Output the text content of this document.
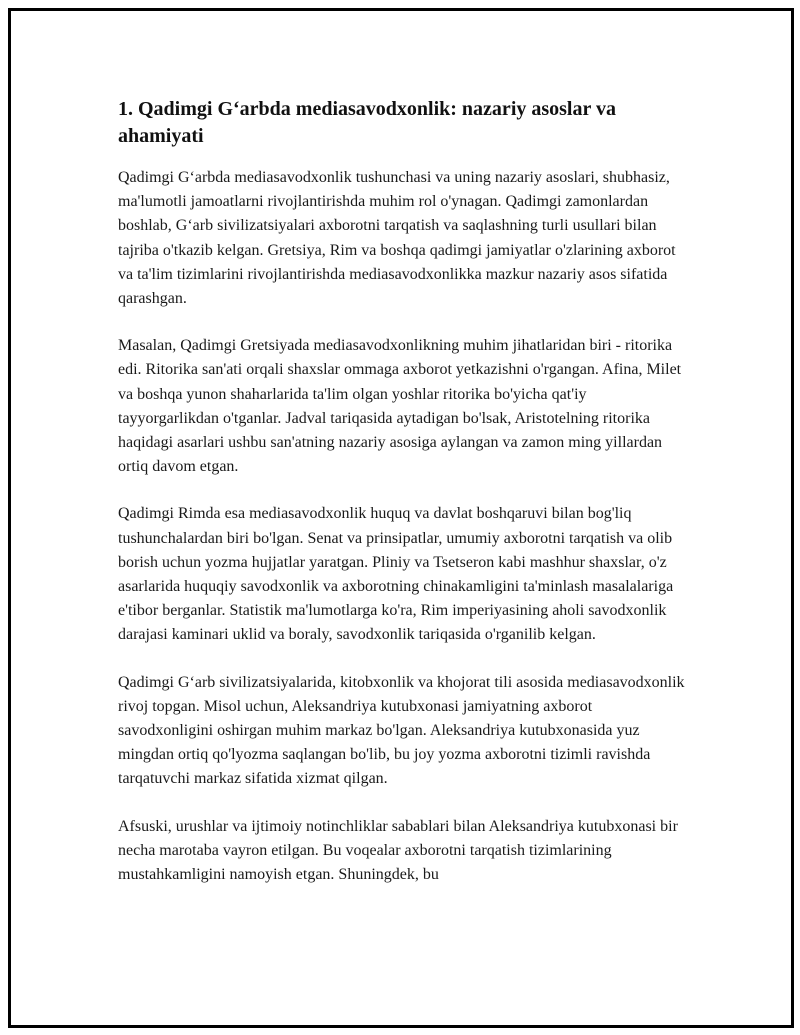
1. Qadimgi G‘arbda mediasavodxonlik: nazariy asoslar va ahamiyati

Qadimgi G‘arbda mediasavodxonlik tushunchasi va uning nazariy asoslari, shubhasiz, ma'lumotli jamoatlarni rivojlantirishda muhim rol o'ynagan. Qadimgi zamonlardan boshlab, G‘arb sivilizatsiyalari axborotni tarqatish va saqlashning turli usullari bilan tajriba o'tkazib kelgan. Gretsiya, Rim va boshqa qadimgi jamiyatlar o'zlarining axborot va ta'lim tizimlarini rivojlantirishda mediasavodxonlikka mazkur nazariy asos sifatida qarashgan.

Masalan, Qadimgi Gretsiyada mediasavodxonlikning muhim jihatlaridan biri - ritorika edi. Ritorika san'ati orqali shaxslar ommaga axborot yetkazishni o'rgangan. Afina, Milet va boshqa yunon shaharlarida ta'lim olgan yoshlar ritorika bo'yicha qat'iy tayyorgarlikdan o'tganlar. Jadval tariqasida aytadigan bo'lsak, Aristotelning ritorika haqidagi asarlari ushbu san'atning nazariy asosiga aylangan va zamon ming yillardan ortiq davom etgan.

Qadimgi Rimda esa mediasavodxonlik huquq va davlat boshqaruvi bilan bog'liq tushunchalardan biri bo'lgan. Senat va prinsipatlar, umumiy axborotni tarqatish va olib borish uchun yozma hujjatlar yaratgan. Pliniy va Tsetseron kabi mashhur shaxslar, o'z asarlarida huquqiy savodxonlik va axborotning chinakamligini ta'minlash masalalariga e'tibor berganlar. Statistik ma'lumotlarga ko'ra, Rim imperiyasining aholi savodxonlik darajasi kaminari uklid va boraly, savodxonlik tariqasida o'rganilib kelgan.

Qadimgi G‘arb sivilizatsiyalarida, kitobxonlik va khojorat tili asosida mediasavodxonlik rivoj topgan. Misol uchun, Aleksandriya kutubxonasi jamiyatning axborot savodxonligini oshirgan muhim markaz bo'lgan. Aleksandriya kutubxonasida yuz mingdan ortiq qo'lyozma saqlangan bo'lib, bu joy yozma axborotni tizimli ravishda tarqatuvchi markaz sifatida xizmat qilgan.

Afsuski, urushlar va ijtimoiy notinchliklar sabablari bilan Aleksandriya kutubxonasi bir necha marotaba vayron etilgan. Bu voqealar axborotni tarqatish tizimlarining mustahkamligini namoyish etgan. Shuningdek, bu
